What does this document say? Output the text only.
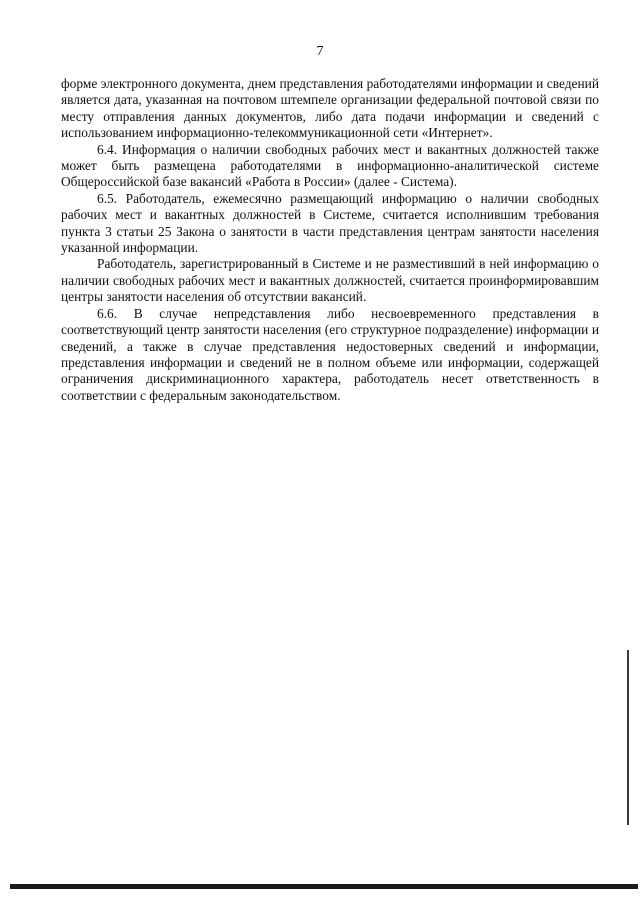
7

форме электронного документа, днем представления работодателями информации и сведений является дата, указанная на почтовом штемпеле организации федеральной почтовой связи по месту отправления данных документов, либо дата подачи информации и сведений с использованием информационно-телекоммуникационной сети «Интернет».

6.4. Информация о наличии свободных рабочих мест и вакантных должностей также может быть размещена работодателями в информационно-аналитической системе Общероссийской базе вакансий «Работа в России» (далее - Система).

6.5. Работодатель, ежемесячно размещающий информацию о наличии свободных рабочих мест и вакантных должностей в Системе, считается исполнившим требования пункта 3 статьи 25 Закона о занятости в части представления центрам занятости населения указанной информации.

Работодатель, зарегистрированный в Системе и не разместивший в ней информацию о наличии свободных рабочих мест и вакантных должностей, считается проинформировавшим центры занятости населения об отсутствии вакансий.

6.6. В случае непредставления либо несвоевременного представления в соответствующий центр занятости населения (его структурное подразделение) информации и сведений, а также в случае представления недостоверных сведений и информации, представления информации и сведений не в полном объеме или информации, содержащей ограничения дискриминационного характера, работодатель несет ответственность в соответствии с федеральным законодательством.
